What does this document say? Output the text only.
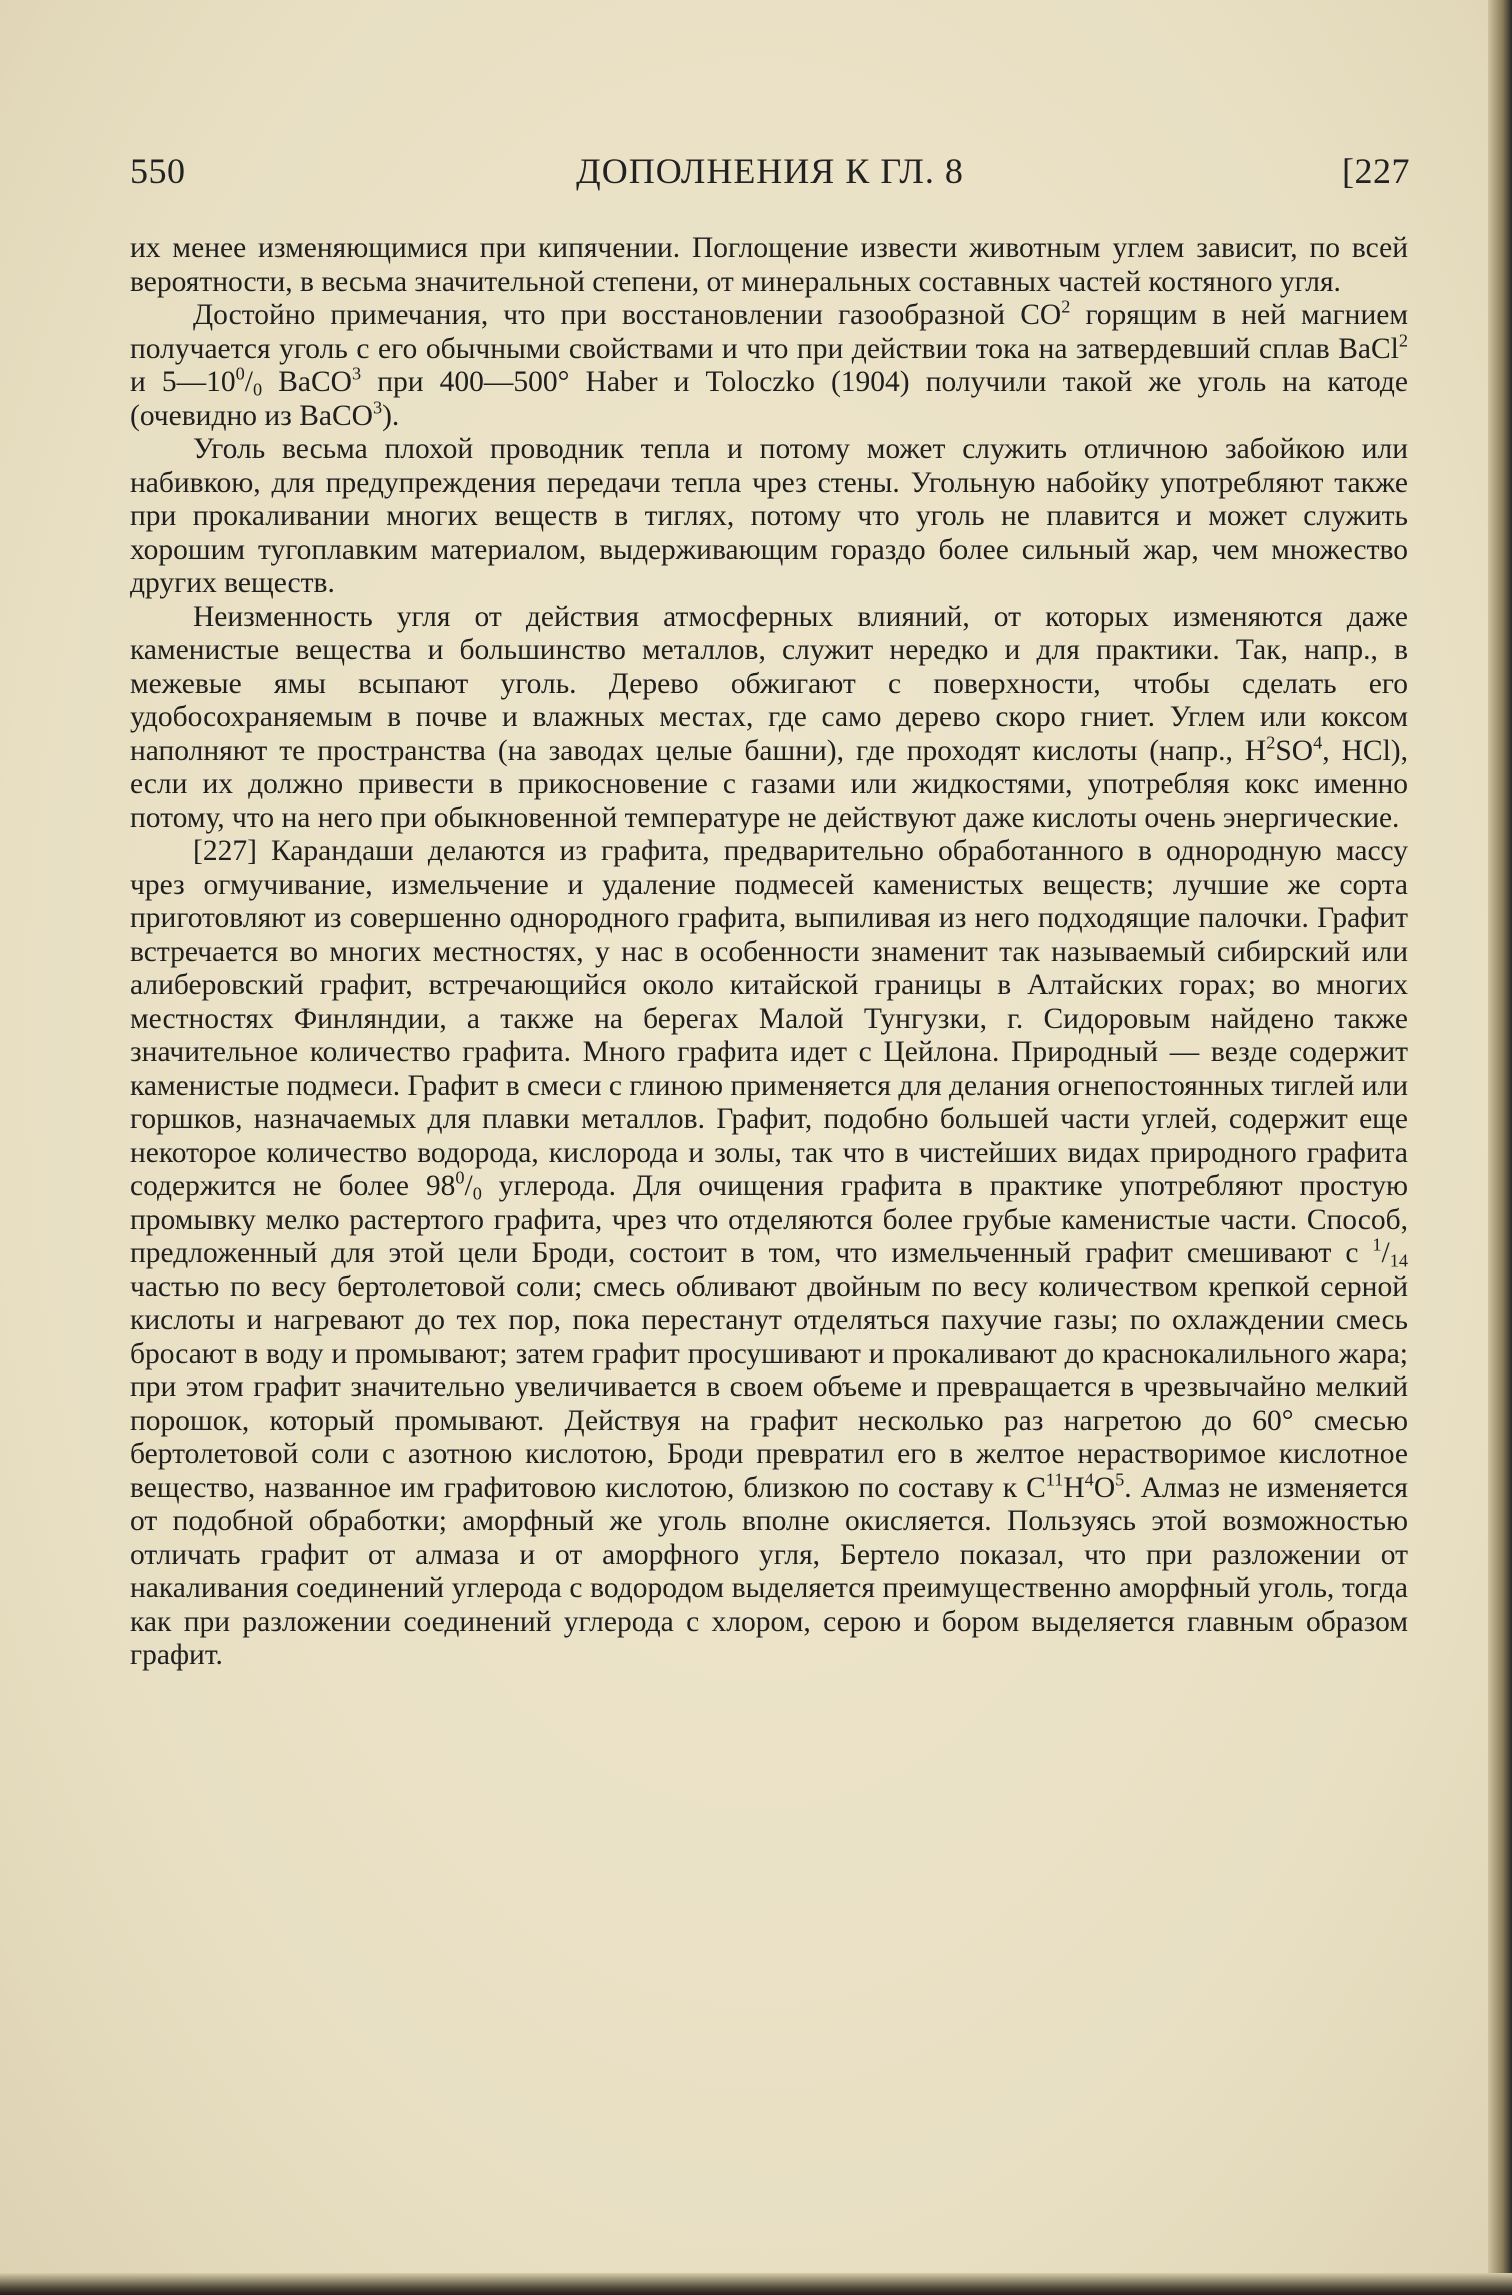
550	ДОПОЛНЕНИЯ К ГЛ. 8	[227

их менее изменяющимися при кипячении. Поглощение извести животным углем зависит, по всей вероятности, в весьма значительной степени, от минеральных составных частей костяного угля.

Достойно примечания, что при восстановлении газообразной $CO^2$ горящим в ней магнием получается уголь с его обычными свойствами и что при действии тока на затвердевший сплав BaCl$^2$ и $5—10^0/_0$ BaCO$^3$ при 400—500° Haber и Toloczko (1904) получили такой же уголь на катоде (очевидно из BaCO$^3$).

Уголь весьма плохой проводник тепла и потому может служить отличною забойкою или набивкою, для предупреждения передачи тепла чрез стены. Угольную набойку употребляют также при прокаливании многих веществ в тиглях, потому что уголь не плавится и может служить хорошим тугоплавким материалом, выдерживающим гораздо более сильный жар, чем множество других веществ.

Неизменность угля от действия атмосферных влияний, от которых изменяются даже каменистые вещества и большинство металлов, служит нередко и для практики. Так, напр., в межевые ямы всыпают уголь. Дерево обжигают с поверхности, чтобы сделать его удобосохраняемым в почве и влажных местах, где само дерево скоро гниет. Углем или коксом наполняют те пространства (на заводах целые башни), где проходят кислоты (напр., $H^2SO^4$, HCl), если их должно привести в прикосновение с газами или жидкостями, употребляя кокс именно потому, что на него при обыкновенной температуре не действуют даже кислоты очень энергические.

[227] Карандаши делаются из графита, предварительно обработанного в однородную массу чрез огмучивание, измельчение и удаление подмесей каменистых веществ; лучшие же сорта приготовляют из совершенно однородного графита, выпиливая из него подходящие палочки. Графит встречается во многих местностях, у нас в особенности знаменит так называемый сибирский или алиберовский графит, встречающийся около китайской границы в Алтайских горах; во многих местностях Финляндии, а также на берегах Малой Тунгузки, г. Сидоровым найдено также значительное количество графита. Много графита идет с Цейлона. Природный — везде содержит каменистые подмеси. Графит в смеси с глиною применяется для делания огнепостоянных тиглей или горшков, назначаемых для плавки металлов. Графит, подобно большей части углей, содержит еще некоторое количество водорода, кислорода и золы, так что в чистейших видах природного графита содержится не более $98^0/_0$ углерода. Для очищения графита в практике употребляют простую промывку мелко растертого графита, чрез что отделяются более грубые каменистые части. Способ, предложенный для этой цели Броди, состоит в том, что измельченный графит смешивают с $^1/_{14}$ частью по весу бертолетовой соли; смесь обливают двойным по весу количеством крепкой серной кислоты и нагревают до тех пор, пока перестанут отделяться пахучие газы; по охлаждении смесь бросают в воду и промывают; затем графит просушивают и прокаливают до краснокалильного жара; при этом графит значительно увеличивается в своем объеме и превращается в чрезвычайно мелкий порошок, который промывают. Действуя на графит несколько раз нагретою до 60° смесью бертолетовой соли с азотною кислотою, Броди превратил его в желтое нерастворимое кислотное вещество, названное им графитовою кислотою, близкою по составу к $C^{11}H^4O^5$. Алмаз не изменяется от подобной обработки; аморфный же уголь вполне окисляется. Пользуясь этой возможностью отличать графит от алмаза и от аморфного угля, Бертело показал, что при разложении от накаливания соединений углерода с водородом выделяется преимущественно аморфный уголь, тогда как при разложении соединений углерода с хлором, серою и бором выделяется главным образом графит.
